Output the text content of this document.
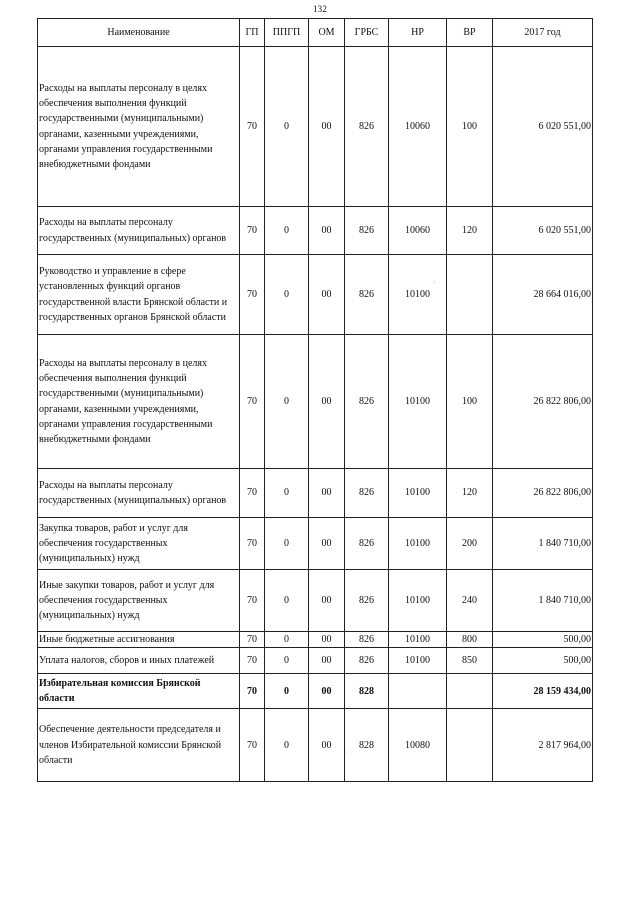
132
Наименование	ГП	ППГП	ОМ	ГРБС	НР	ВР	2017 год
Расходы на выплаты персоналу в целях обеспечения выполнения функций государственными (муниципальными) органами, казенными учреждениями, органами управления государственными внебюджетными фондами	70	0	00	826	10060	100	6 020 551,00
Расходы на выплаты персоналу государственных (муниципальных) органов	70	0	00	826	10060	120	6 020 551,00
Руководство и управление в сфере установленных функций органов государственной власти Брянской области и государственных органов Брянской области	70	0	00	826	10100		28 664 016,00
Расходы на выплаты персоналу в целях обеспечения выполнения функций государственными (муниципальными) органами, казенными учреждениями, органами управления государственными внебюджетными фондами	70	0	00	826	10100	100	26 822 806,00
Расходы на выплаты персоналу государственных (муниципальных) органов	70	0	00	826	10100	120	26 822 806,00
Закупка товаров, работ и услуг для обеспечения государственных (муниципальных) нужд	70	0	00	826	10100	200	1 840 710,00
Иные закупки товаров, работ и услуг для обеспечения государственных (муниципальных) нужд	70	0	00	826	10100	240	1 840 710,00
Иные бюджетные ассигнования	70	0	00	826	10100	800	500,00
Уплата налогов, сборов и иных платежей	70	0	00	826	10100	850	500,00
Избирательная комиссия Брянской области	70	0	00	828			28 159 434,00
Обеспечение деятельности председателя и членов Избирательной комиссии Брянской области	70	0	00	828	10080		2 817 964,00
·
·
